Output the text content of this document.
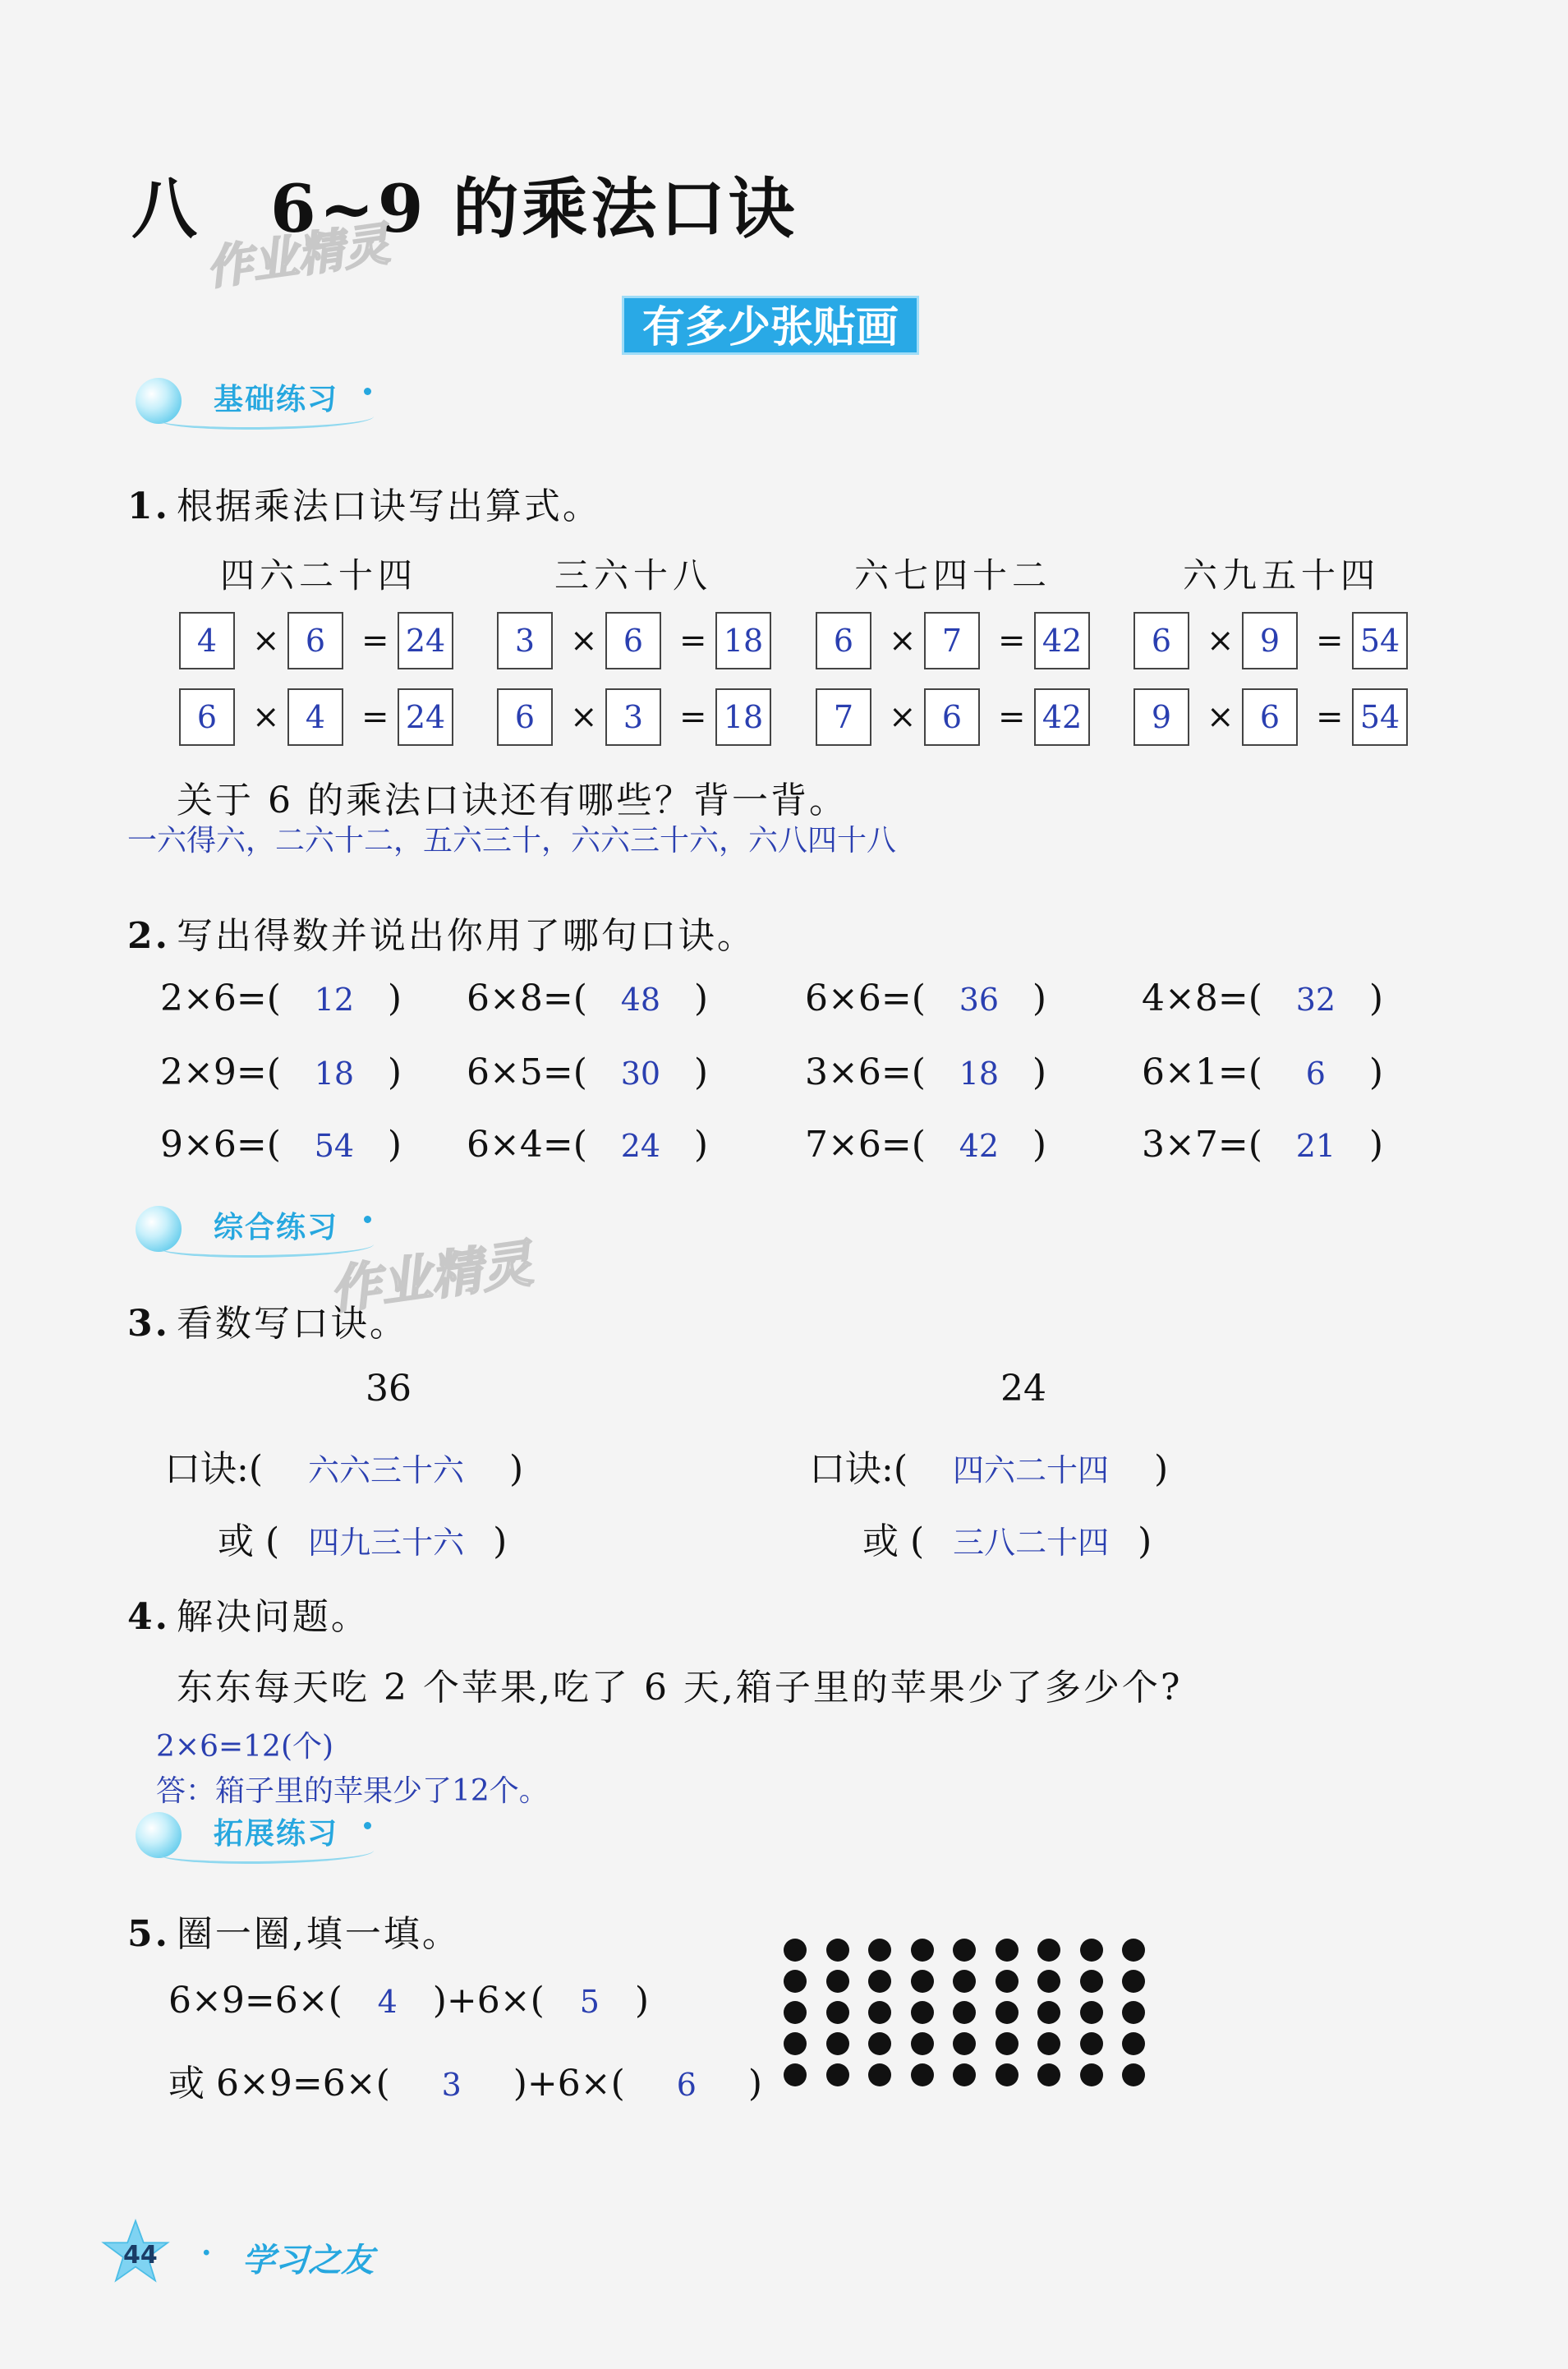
八 6~9 的乘法口诀
作业精灵
有多少张贴画
基础练习
1. 根据乘法口诀写出算式。
四六二十四	三六十八	六七四十二	六九五十四
4	× 6	= 24
6	× 4	= 24
3	× 6	= 18
6	× 3	= 18
6	× 7	= 42
7	× 6	= 42
6	× 9	= 54
9	× 6	= 54
关于 6 的乘法口诀还有哪些？背一背。
一六得六，二六十二，五六三十，六六三十六，六八四十八
2. 写出得数并说出你用了哪句口诀。
2×6=( 12 ) 6×8=( 48 )	6×6=( 36 )	4×8=( 32 )
2×9=( 18 ) 6×5=( 30 )	3×6=( 18 )	6×1=( 6 )
9×6=( 54 ) 6×4=( 24 )	7×6=( 42 )	3×7=( 21 )
综合练习
作业精灵
3. 看数写口诀。
36	24
口诀:( 六六三十六 )
或 ( 四九三十六 )
口诀:( 四六二十四 )
或 ( 三八二十四 )
4. 解决问题。
东东每天吃 2 个苹果,吃了 6 天,箱子里的苹果少了多少个?
2×6=12(个)
答：箱子里的苹果少了12个。
拓展练习
5. 圈一圈,填一填。
6×9=6×( 4 )+6×( 5 )
或 6×9=6×( 3 )+6×( 6 )
44 · 学习之友
